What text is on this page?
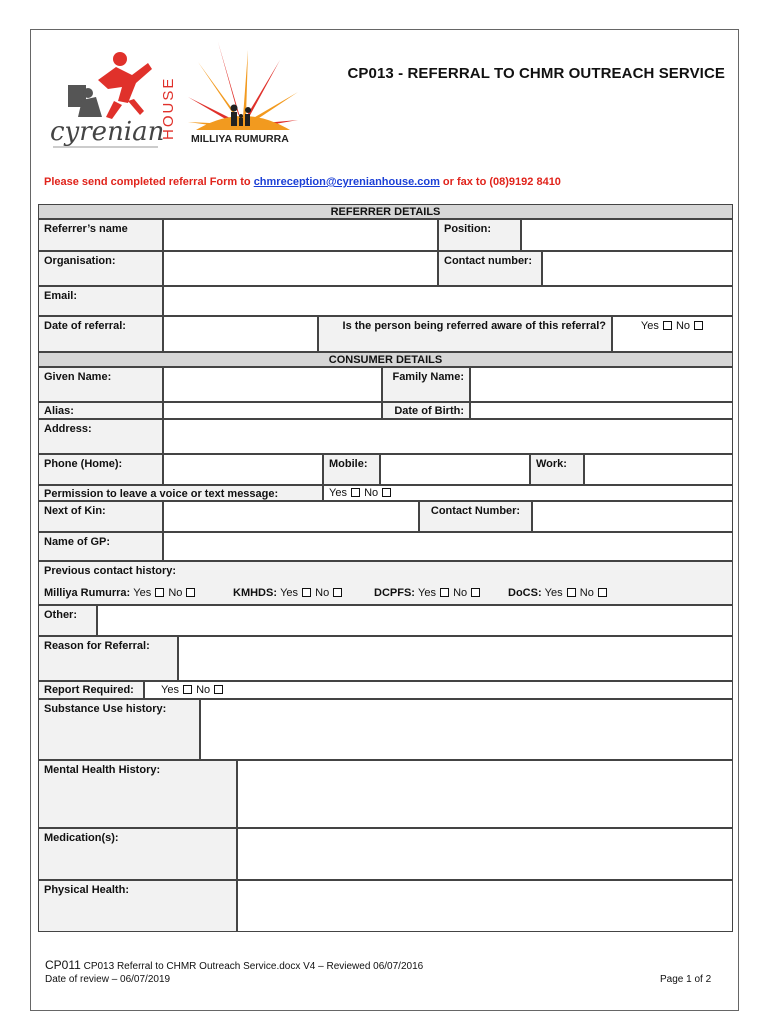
cyrenian
HOUSE MILLIYA RUMURRA
CP013 - REFERRAL TO CHMR OUTREACH SERVICE
Please send completed referral Form to chmreception@cyrenianhouse.com or fax to (08)9192 8410
REFERRER DETAILS
Referrer’s name	Position:
Organisation:	Contact number:
Email:
Date of referral:	Is the person being referred aware of this referral?	Yes No
CONSUMER DETAILS
Given Name:	Family Name:
Alias:	Date of Birth:
Address:
Phone (Home):	Mobile:	Work:
Permission to leave a voice or text message:	Yes No
Next of Kin:	Contact Number:
Name of GP:
Previous contact history:
Milliya Rumurra: Yes No	KMHDS: Yes No	DCPFS: Yes No	DoCS: Yes No
Other:
Reason for Referral:
Report Required:	Yes No
Substance Use history:
Mental Health History:
Medication(s):
Physical Health:
CP011 CP013 Referral to CHMR Outreach Service.docx V4 – Reviewed 06/07/2016
Date of review – 06/07/2019	Page 1 of 2
